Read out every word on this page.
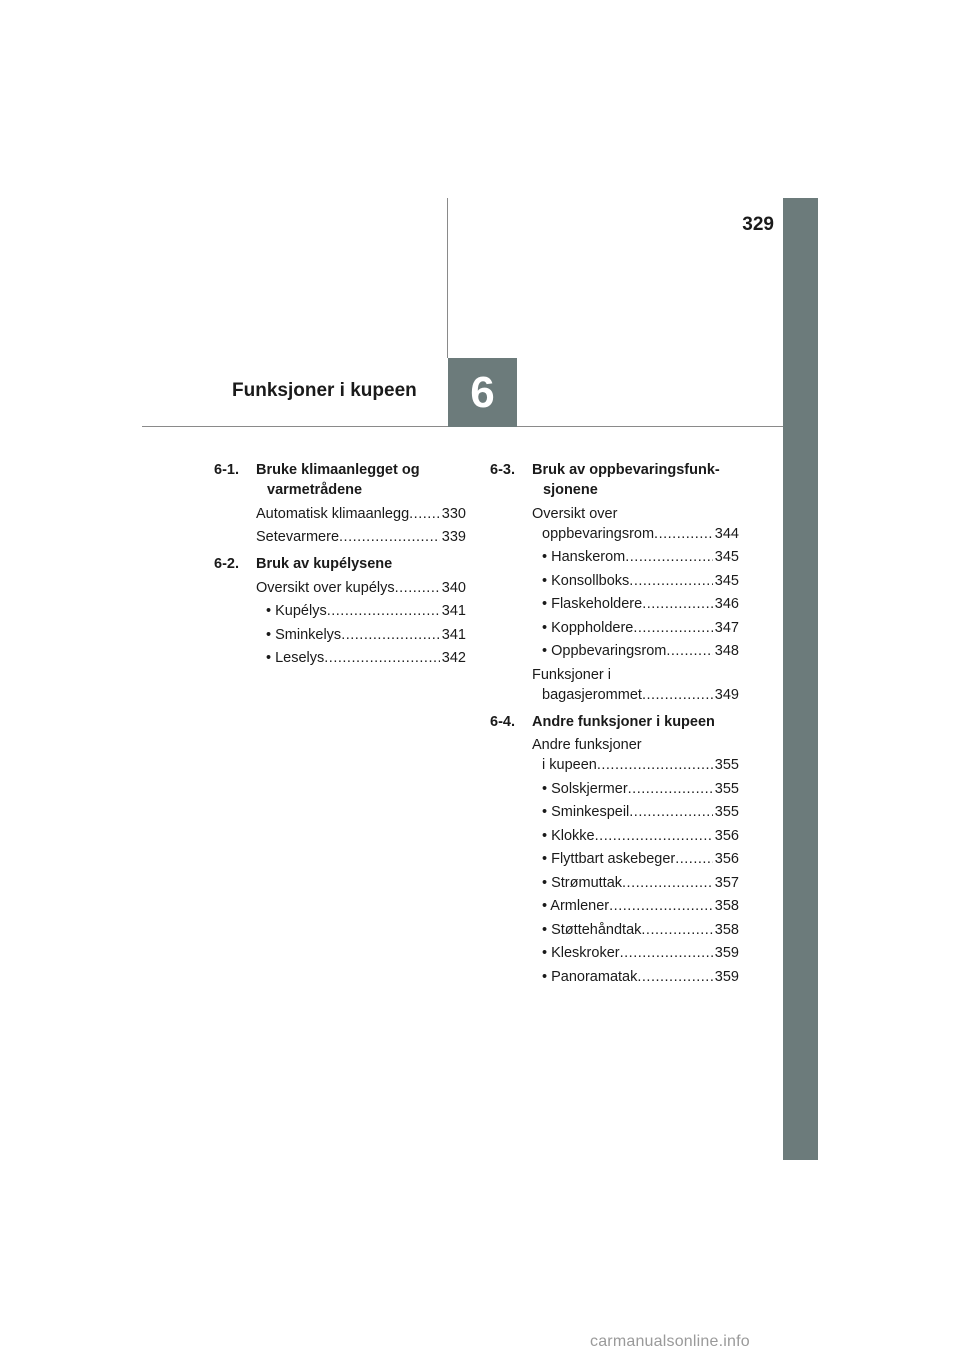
329
Funksjoner i kupeen	6
6-1. Bruke klimaanlegget og varmetrådene
Automatisk klimaanlegg ..... 330
Setevarmere .....	339
6-2. Bruk av kupélysene
Oversikt over kupélys .....	340
• Kupélys .....	341
• Sminkelys .....	341
• Leselys .....	342
6-3. Bruk av oppbevaringsfunk-sjonene
Oversikt over
oppbevaringsrom .....	344
• Hanskerom .....	345
• Konsollboks .....	345
• Flaskeholdere .....	346
• Koppholdere .....	347
• Oppbevaringsrom .....	348
Funksjoner i
bagasjerommet .....	349
6-4. Andre funksjoner i kupeen
Andre funksjoner
i kupeen .....	355
• Solskjermer .....	355
• Sminkespeil .....	355
• Klokke .....	356
• Flyttbart askebeger .....	356
• Strømuttak .....	357
• Armlener .....	358
• Støttehåndtak .....	358
• Kleskroker .....	359
• Panoramatak .....	359
carmanualsonline.info
